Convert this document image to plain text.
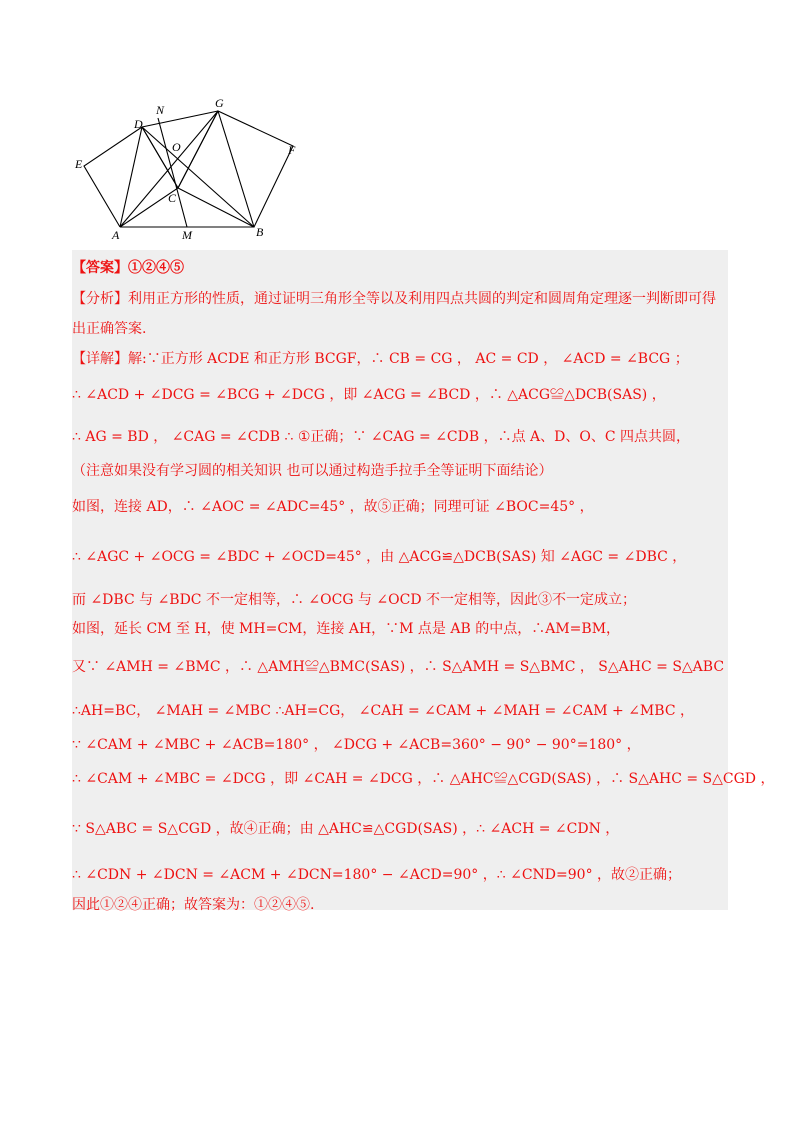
N	G
D
O	F
E
C
A	M	B
【答案】①②④⑤
【分析】利用正方形的性质，通过证明三角形全等以及利用四点共圆的判定和圆周角定理逐一判断即可得
出正确答案.
【详解】解:∵正方形 ACDE 和正方形 BCGF，∴ CB = CG ， AC = CD ， ∠ACD = ∠BCG ；
∴ ∠ACD + ∠DCG = ∠BCG + ∠DCG ，即 ∠ACG = ∠BCD ，∴ △ACG≌△DCB(SAS) ，
∴ AG = BD ， ∠CAG = ∠CDB ∴ ①正确；∵ ∠CAG = ∠CDB ，∴点 A、D、O、C 四点共圆，
（注意如果没有学习圆的相关知识 也可以通过构造手拉手全等证明下面结论）
如图，连接 AD，∴ ∠AOC = ∠ADC=45° ，故⑤正确；同理可证 ∠BOC=45° ，
∴ ∠AGC + ∠OCG = ∠BDC + ∠OCD=45° ，由 △ACG≌△DCB(SAS) 知 ∠AGC = ∠DBC ，
而 ∠DBC 与 ∠BDC 不一定相等，∴ ∠OCG 与 ∠OCD 不一定相等，因此③不一定成立；
如图，延长 CM 至 H，使 MH=CM，连接 AH，∵M 点是 AB 的中点，∴AM=BM，
又∵ ∠AMH = ∠BMC ，∴ △AMH≌△BMC(SAS) ，∴ S△AMH = S△BMC ， S△AHC = S△ABC
∴AH=BC， ∠MAH = ∠MBC ∴AH=CG， ∠CAH = ∠CAM + ∠MAH = ∠CAM + ∠MBC ，
∵ ∠CAM + ∠MBC + ∠ACB=180° ， ∠DCG + ∠ACB=360° − 90° − 90°=180° ，
∴ ∠CAM + ∠MBC = ∠DCG ，即 ∠CAH = ∠DCG ，∴ △AHC≌△CGD(SAS) ，∴ S△AHC = S△CGD ，
∵ S△ABC = S△CGD ，故④正确；由 △AHC≌△CGD(SAS) ，∴ ∠ACH = ∠CDN ，
∴ ∠CDN + ∠DCN = ∠ACM + ∠DCN=180° − ∠ACD=90° ，∴ ∠CND=90° ，故②正确；
因此①②④正确；故答案为：①②④⑤.
